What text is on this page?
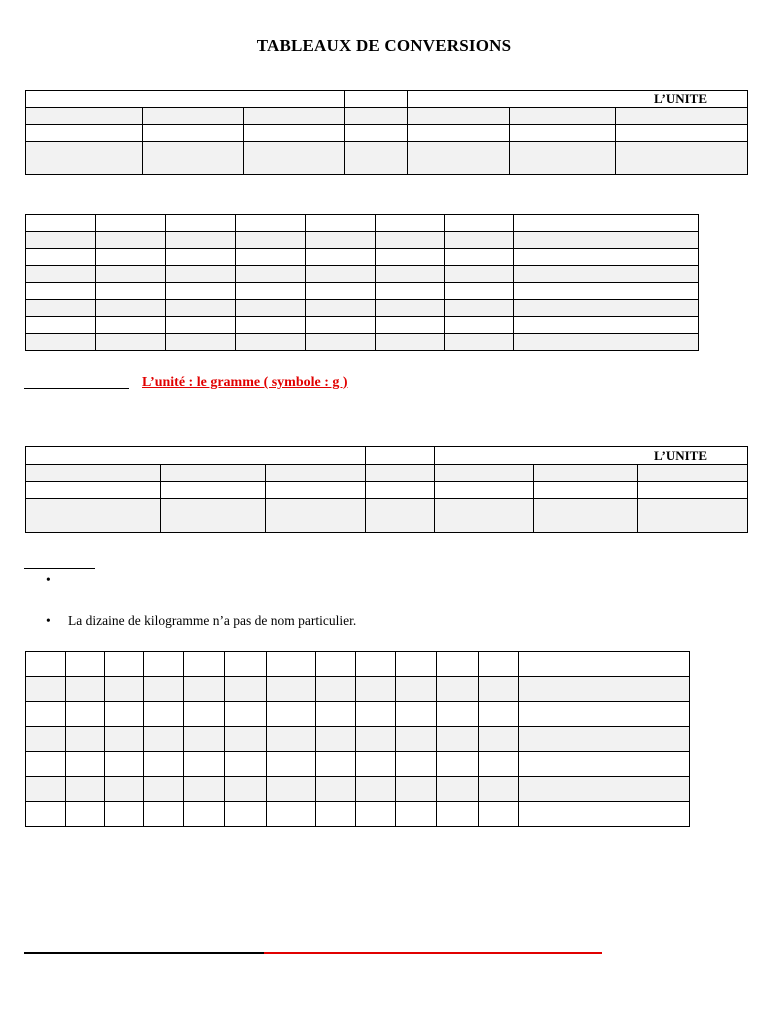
TABLEAUX DE CONVERSIONS
				L’UNITE		

L’unité : le gramme ( symbole : g )
				L’UNITE		

•
• La dizaine de kilogramme n’a pas de nom particulier.
